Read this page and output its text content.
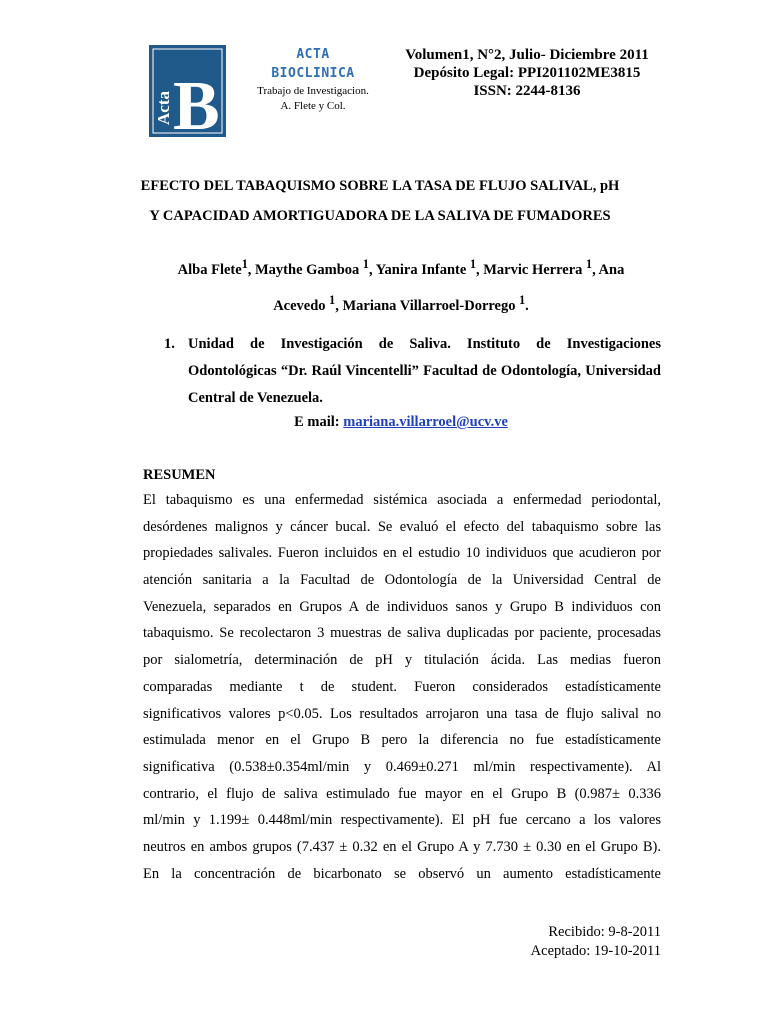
B
Acta
ACTA
BIOCLINICA
Trabajo de Investigacion.
A. Flete y Col.
Volumen1, N°2, Julio- Diciembre 2011
Depósito Legal: PPI201102ME3815
ISSN: 2244-8136
EFECTO DEL TABAQUISMO SOBRE LA TASA DE FLUJO SALIVAL, pH
Y CAPACIDAD AMORTIGUADORA DE LA SALIVA DE FUMADORES
Alba Flete$^1$, Maythe Gamboa $^1$, Yanira Infante $^1$, Marvic Herrera $^1$, Ana
Acevedo $^1$, Mariana Villarroel-Dorrego $^1$.
1. Unidad de Investigación de Saliva. Instituto de Investigaciones Odontológicas “Dr. Raúl Vincentelli” Facultad de Odontología, Universidad Central de Venezuela.
E mail: mariana.villarroel@ucv.ve
RESUMEN
El tabaquismo es una enfermedad sistémica asociada a enfermedad periodontal,
desórdenes malignos y cáncer bucal. Se evaluó el efecto del tabaquismo sobre las
propiedades salivales. Fueron incluidos en el estudio 10 individuos que acudieron por
atención sanitaria a la Facultad de Odontología de la Universidad Central de
Venezuela, separados en Grupos A de individuos sanos y Grupo B individuos con
tabaquismo. Se recolectaron 3 muestras de saliva duplicadas por paciente, procesadas
por sialometría, determinación de pH y titulación ácida. Las medias fueron
comparadas mediante t de student. Fueron considerados estadísticamente
significativos valores p<0.05. Los resultados arrojaron una tasa de flujo salival no
estimulada menor en el Grupo B pero la diferencia no fue estadísticamente
significativa (0.538±0.354ml/min y 0.469±0.271 ml/min respectivamente). Al
contrario, el flujo de saliva estimulado fue mayor en el Grupo B (0.987± 0.336
ml/min y 1.199± 0.448ml/min respectivamente). El pH fue cercano a los valores
neutros en ambos grupos (7.437 ± 0.32 en el Grupo A y 7.730 ± 0.30 en el Grupo B).
En la concentración de bicarbonato se observó un aumento estadísticamente
Recibido: 9-8-2011
Aceptado: 19-10-2011
